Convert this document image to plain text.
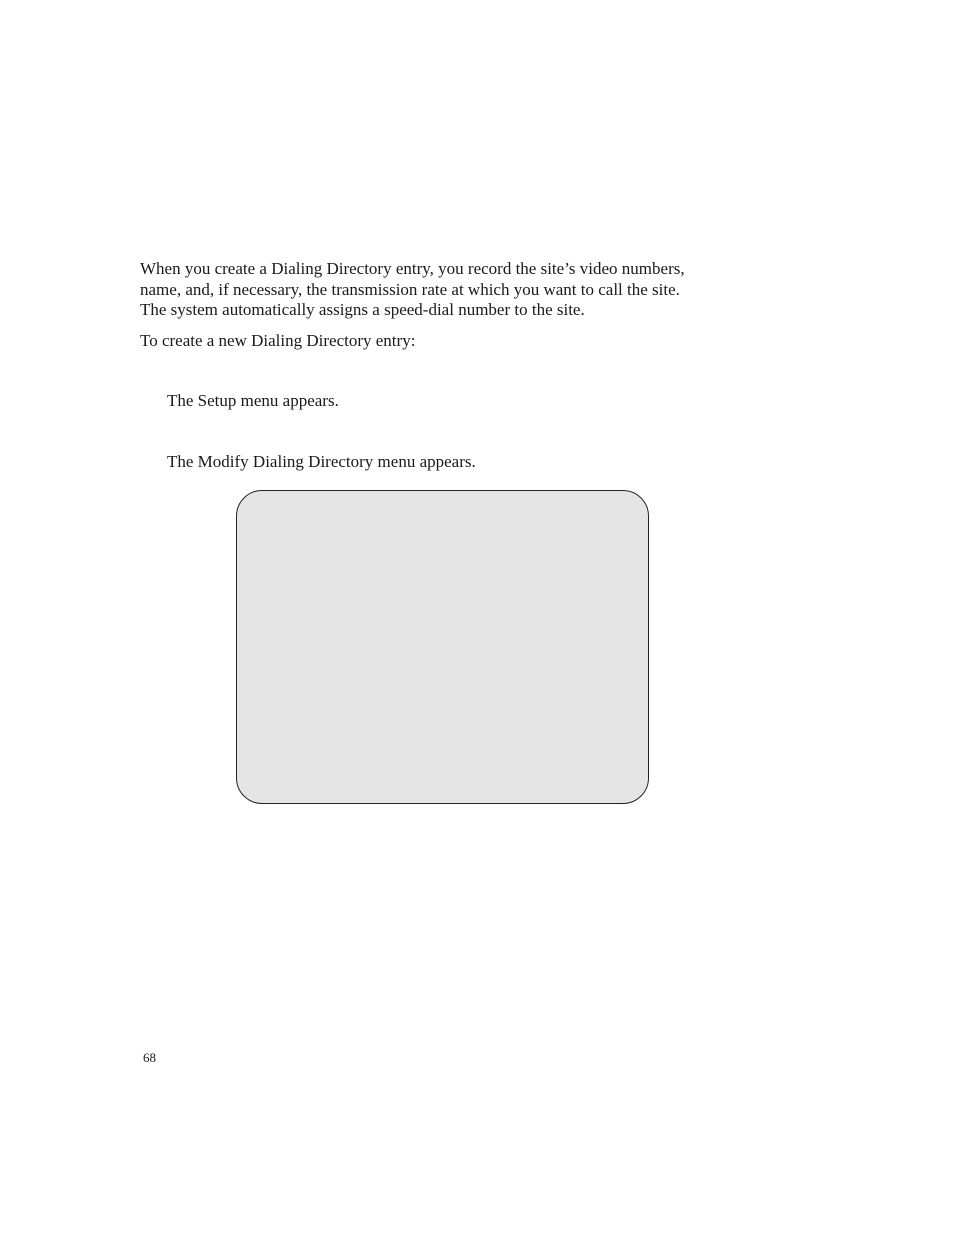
When you create a Dialing Directory entry, you record the site’s video numbers,
name, and, if necessary, the transmission rate at which you want to call the site.
The system automatically assigns a speed-dial number to the site.

To create a new Dialing Directory entry:

The Setup menu appears.

The Modify Dialing Directory menu appears.

68
